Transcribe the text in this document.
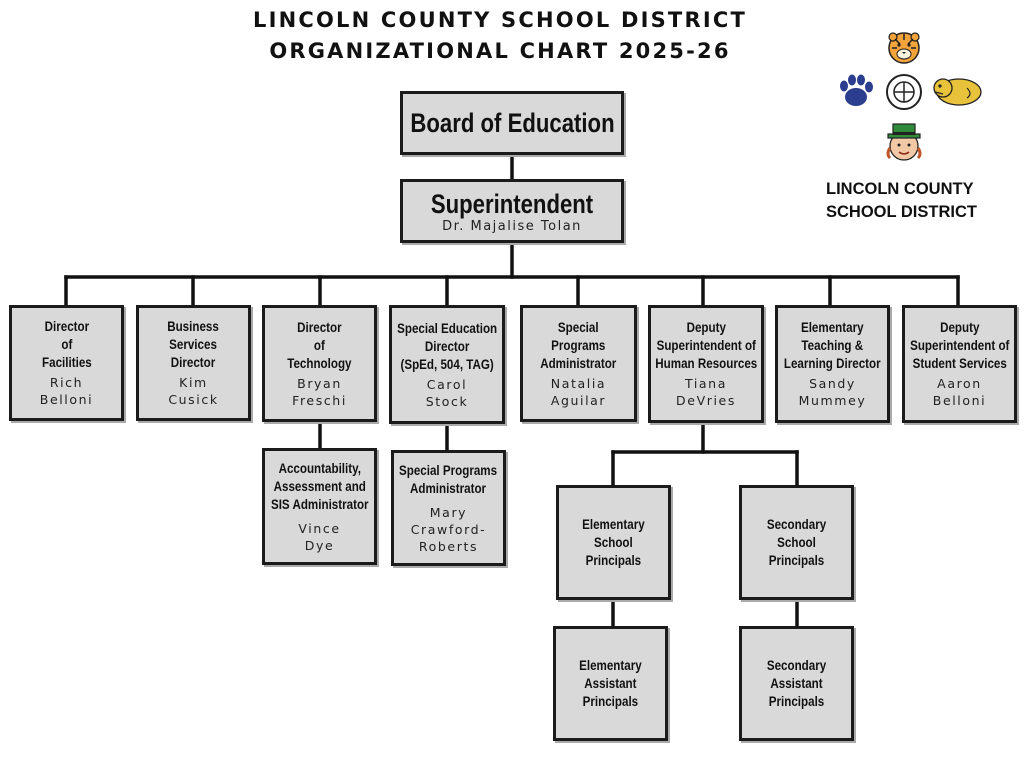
LINCOLN COUNTY SCHOOL DISTRICT
ORGANIZATIONAL CHART 2025-26
Board of Education
Superintendent
Dr. Majalise Tolan
Director
of
Facilities
Rich
Belloni
Business
Services
Director
Kim
Cusick
Director
of
Technology
Bryan
Freschi
Special Education
Director
(SpEd, 504, TAG)
Carol
Stock
Special
Programs
Administrator
Natalia
Aguilar
Deputy
Superintendent of
Human Resources
Tiana
DeVries
Elementary
Teaching &
Learning Director
Sandy
Mummey
Deputy
Superintendent of
Student Services
Aaron
Belloni
Accountability,
Assessment and
SIS Administrator
Vince
Dye
Special Programs
Administrator
Mary
Crawford-
Roberts
Elementary
School
Principals
Secondary
School
Principals
Elementary
Assistant
Principals
Secondary
Assistant
Principals
LINCOLN COUNTY
SCHOOL DISTRICT
